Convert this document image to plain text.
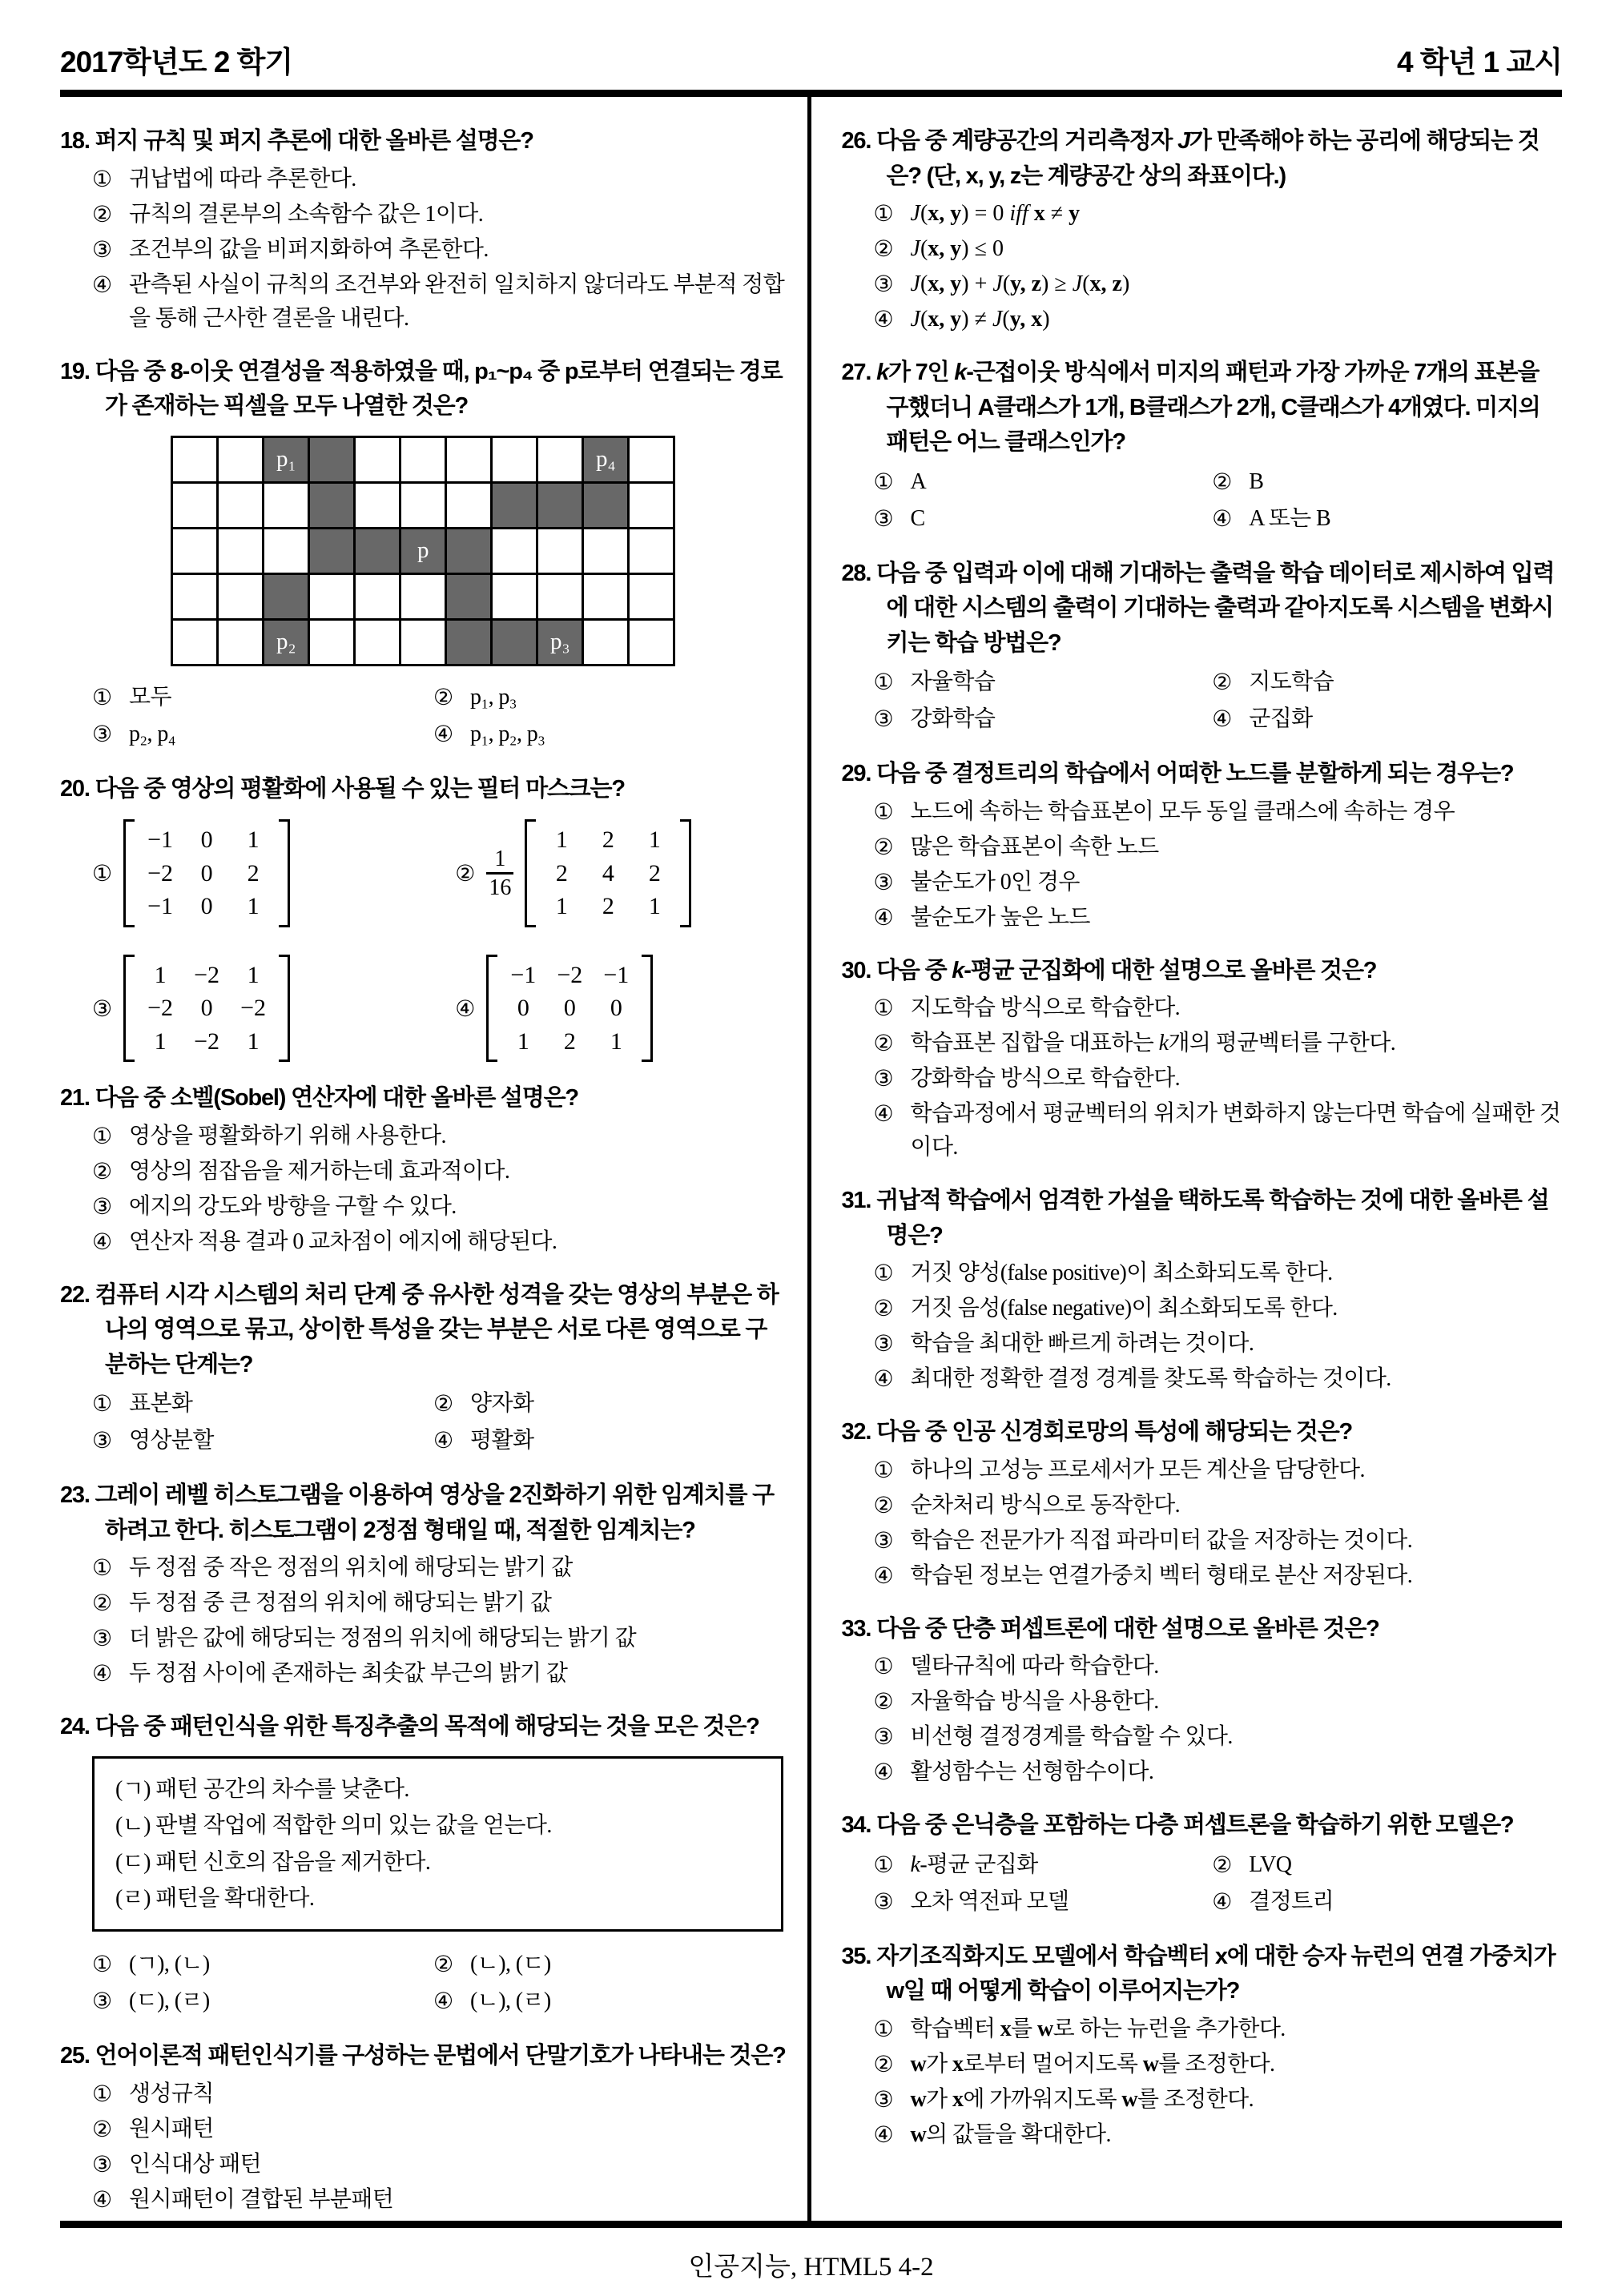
2017학년도 2 학기	4 학년 1 교시
18. 퍼지 규칙 및 퍼지 추론에 대한 올바른 설명은?
① 귀납법에 따라 추론한다.
② 규칙의 결론부의 소속함수 값은 1이다.
③ 조건부의 값을 비퍼지화하여 추론한다.
④ 관측된 사실이 규칙의 조건부와 완전히 일치하지 않더라도 부분적 정합을 통해 근사한 결론을 내린다.
19. 다음 중 8-이웃 연결성을 적용하였을 때, p₁~p₄ 중 p로부터 연결되는 경로가 존재하는 픽셀을 모두 나열한 것은?
p₁	p₄
p
p₂	p₃
① 모두	② p₁, p₃
③ p₂, p₄	④ p₁, p₂, p₃
20. 다음 중 영상의 평활화에 사용될 수 있는 필터 마스크는?
①
−1 0 1
−2 0 2
−1 0 1
② $\frac{1}{16}$
1 2 1
2 4 2
1 2 1
③
1 −2 1
−2 0 −2
1 −2 1
④
−1 −2 −1
0 0 0
1 2 1
21. 다음 중 소벨(Sobel) 연산자에 대한 올바른 설명은?
① 영상을 평활화하기 위해 사용한다.
② 영상의 점잡음을 제거하는데 효과적이다.
③ 에지의 강도와 방향을 구할 수 있다.
④ 연산자 적용 결과 0 교차점이 에지에 해당된다.
22. 컴퓨터 시각 시스템의 처리 단계 중 유사한 성격을 갖는 영상의 부분은 하나의 영역으로 묶고, 상이한 특성을 갖는 부분은 서로 다른 영역으로 구분하는 단계는?
① 표본화	② 양자화
③ 영상분할	④ 평활화
23. 그레이 레벨 히스토그램을 이용하여 영상을 2진화하기 위한 임계치를 구하려고 한다. 히스토그램이 2정점 형태일 때, 적절한 임계치는?
① 두 정점 중 작은 정점의 위치에 해당되는 밝기 값
② 두 정점 중 큰 정점의 위치에 해당되는 밝기 값
③ 더 밝은 값에 해당되는 정점의 위치에 해당되는 밝기 값
④ 두 정점 사이에 존재하는 최솟값 부근의 밝기 값
24. 다음 중 패턴인식을 위한 특징추출의 목적에 해당되는 것을 모은 것은?
(ㄱ) 패턴 공간의 차수를 낮춘다.
(ㄴ) 판별 작업에 적합한 의미 있는 값을 얻는다.
(ㄷ) 패턴 신호의 잡음을 제거한다.
(ㄹ) 패턴을 확대한다.
① (ㄱ), (ㄴ)	② (ㄴ), (ㄷ)
③ (ㄷ), (ㄹ)	④ (ㄴ), (ㄹ)
25. 언어이론적 패턴인식기를 구성하는 문법에서 단말기호가 나타내는 것은?
① 생성규칙
② 원시패턴
③ 인식대상 패턴
④ 원시패턴이 결합된 부분패턴
26. 다음 중 계량공간의 거리측정자 J가 만족해야 하는 공리에 해당되는 것은? (단, x, y, z는 계량공간 상의 좌표이다.)
① J(x, y) = 0 iff x ≠ y
② J(x, y) ≤ 0
③ J(x, y) + J(y, z) ≥ J(x, z)
④ J(x, y) ≠ J(y, x)
27. k가 7인 k-근접이웃 방식에서 미지의 패턴과 가장 가까운 7개의 표본을 구했더니 A클래스가 1개, B클래스가 2개, C클래스가 4개였다. 미지의 패턴은 어느 클래스인가?
① A	② B
③ C	④ A 또는 B
28. 다음 중 입력과 이에 대해 기대하는 출력을 학습 데이터로 제시하여 입력에 대한 시스템의 출력이 기대하는 출력과 같아지도록 시스템을 변화시키는 학습 방법은?
① 자율학습	② 지도학습
③ 강화학습	④ 군집화
29. 다음 중 결정트리의 학습에서 어떠한 노드를 분할하게 되는 경우는?
① 노드에 속하는 학습표본이 모두 동일 클래스에 속하는 경우
② 많은 학습표본이 속한 노드
③ 불순도가 0인 경우
④ 불순도가 높은 노드
30. 다음 중 k-평균 군집화에 대한 설명으로 올바른 것은?
① 지도학습 방식으로 학습한다.
② 학습표본 집합을 대표하는 k개의 평균벡터를 구한다.
③ 강화학습 방식으로 학습한다.
④ 학습과정에서 평균벡터의 위치가 변화하지 않는다면 학습에 실패한 것이다.
31. 귀납적 학습에서 엄격한 가설을 택하도록 학습하는 것에 대한 올바른 설명은?
① 거짓 양성(false positive)이 최소화되도록 한다.
② 거짓 음성(false negative)이 최소화되도록 한다.
③ 학습을 최대한 빠르게 하려는 것이다.
④ 최대한 정확한 결정 경계를 찾도록 학습하는 것이다.
32. 다음 중 인공 신경회로망의 특성에 해당되는 것은?
① 하나의 고성능 프로세서가 모든 계산을 담당한다.
② 순차처리 방식으로 동작한다.
③ 학습은 전문가가 직접 파라미터 값을 저장하는 것이다.
④ 학습된 정보는 연결가중치 벡터 형태로 분산 저장된다.
33. 다음 중 단층 퍼셉트론에 대한 설명으로 올바른 것은?
① 델타규칙에 따라 학습한다.
② 자율학습 방식을 사용한다.
③ 비선형 결정경계를 학습할 수 있다.
④ 활성함수는 선형함수이다.
34. 다음 중 은닉층을 포함하는 다층 퍼셉트론을 학습하기 위한 모델은?
① k-평균 군집화	② LVQ
③ 오차 역전파 모델	④ 결정트리
35. 자기조직화지도 모델에서 학습벡터 x에 대한 승자 뉴런의 연결 가중치가 w일 때 어떻게 학습이 이루어지는가?
① 학습벡터 x를 w로 하는 뉴런을 추가한다.
② w가 x로부터 멀어지도록 w를 조정한다.
③ w가 x에 가까워지도록 w를 조정한다.
④ w의 값들을 확대한다.
인공지능, HTML5 4-2
